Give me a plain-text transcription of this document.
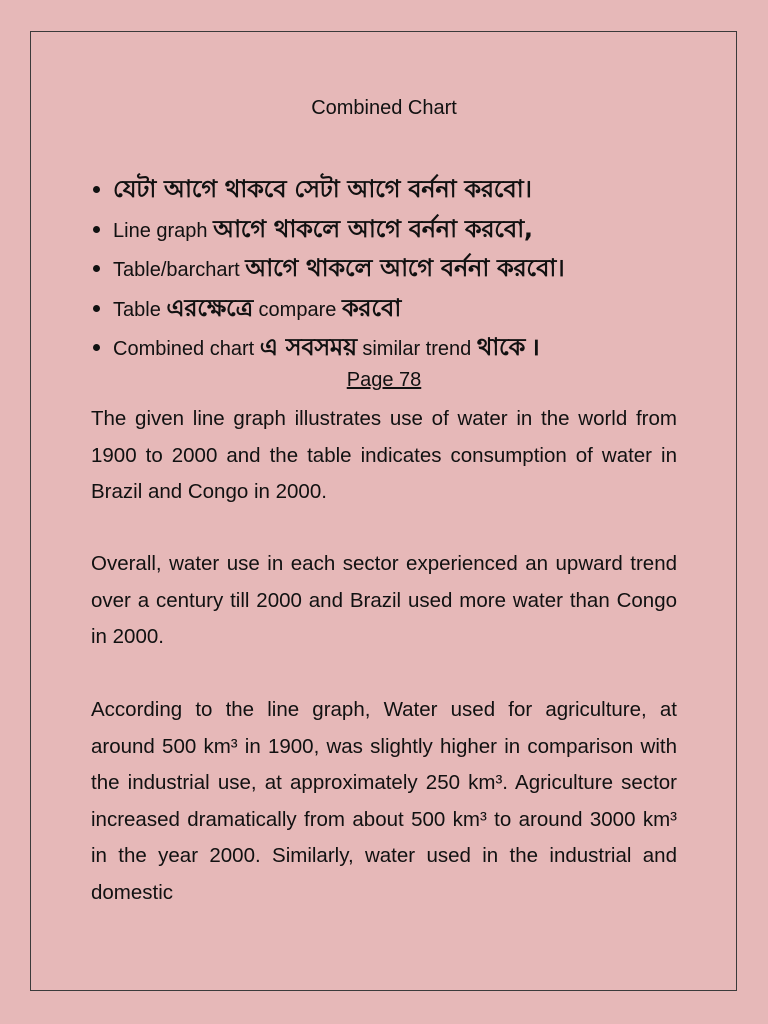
Combined Chart
যেটা আগে থাকবে সেটা আগে বর্ননা করবো।
Line graph আগে থাকলে আগে বর্ননা করবো,
Table/barchart আগে থাকলে আগে বর্ননা করবো।
Table এরক্ষেত্রে compare করবো
Combined chart এ সবসময় similar trend থাকে ।
Page 78

The given line graph illustrates use of water in the world from 1900 to 2000 and the table indicates consumption of water in Brazil and Congo in 2000.

Overall, water use in each sector experienced an upward trend over a century till 2000 and Brazil used more water than Congo in 2000.

According to the line graph, Water used for agriculture, at around 500 km³ in 1900, was slightly higher in comparison with the industrial use, at approximately 250 km³. Agriculture sector increased dramatically from about 500 km³ to around 3000 km³ in the year 2000. Similarly, water used in the industrial and domestic
